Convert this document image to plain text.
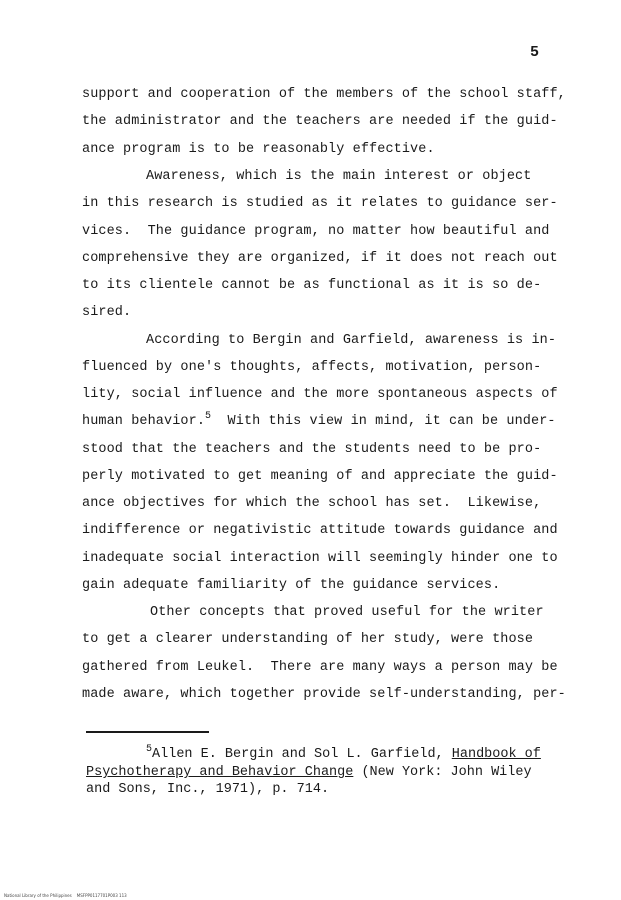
5
support and cooperation of the members of the school staff,
the administrator and the teachers are needed if the guid-
ance program is to be reasonably effective.
Awareness, which is the main interest or object
in this research is studied as it relates to guidance ser-
vices.  The guidance program, no matter how beautiful and
comprehensive they are organized, if it does not reach out
to its clientele cannot be as functional as it is so de-
sired.
According to Bergin and Garfield, awareness is in-
fluenced by one's thoughts, affects, motivation, person-
lity, social influence and the more spontaneous aspects of
human behavior.$^5$  With this view in mind, it can be under-
stood that the teachers and the students need to be pro-
perly motivated to get meaning of and appreciate the guid-
ance objectives for which the school has set.  Likewise,
indifference or negativistic attitude towards guidance and
inadequate social interaction will seemingly hinder one to
gain adequate familiarity of the guidance services.
Other concepts that proved useful for the writer
to get a clearer understanding of her study, were those
gathered from Leukel.  There are many ways a person may be
made aware, which together provide self-understanding, per-
$^5$Allen E. Bergin and Sol L. Garfield, Handbook of
Psychotherapy and Behavior Change (New York: John Wiley
and Sons, Inc., 1971), p. 714.
National Library of the Philippines    MSFPP0117701P003 113
